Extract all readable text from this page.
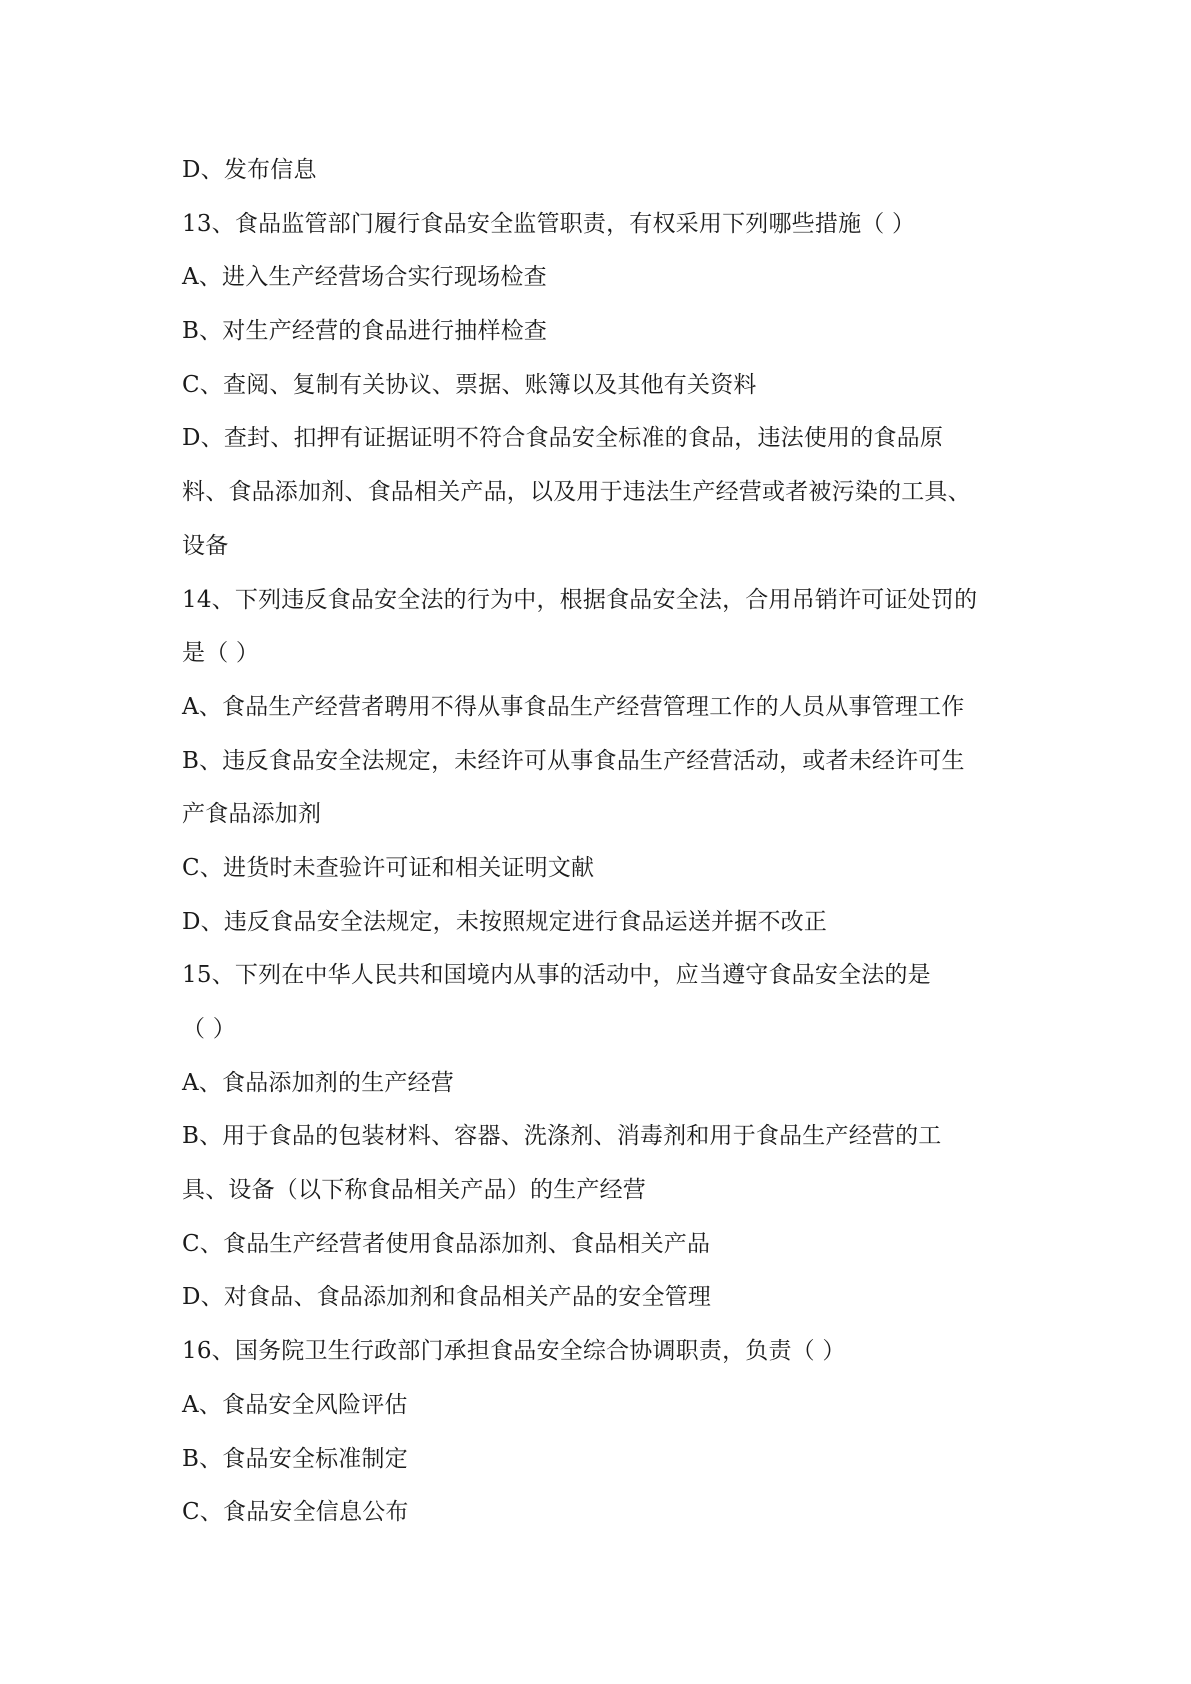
D、发布信息
13、食品监管部门履行食品安全监管职责，有权采用下列哪些措施（ ）
A、进入生产经营场合实行现场检查
B、对生产经营的食品进行抽样检查
C、查阅、复制有关协议、票据、账簿以及其他有关资料
D、查封、扣押有证据证明不符合食品安全标准的食品，违法使用的食品原
料、食品添加剂、食品相关产品，以及用于违法生产经营或者被污染的工具、
设备
14、下列违反食品安全法的行为中，根据食品安全法，合用吊销许可证处罚的
是（ ）
A、食品生产经营者聘用不得从事食品生产经营管理工作的人员从事管理工作
B、违反食品安全法规定，未经许可从事食品生产经营活动，或者未经许可生
产食品添加剂
C、进货时未查验许可证和相关证明文献
D、违反食品安全法规定，未按照规定进行食品运送并据不改正
15、下列在中华人民共和国境内从事的活动中，应当遵守食品安全法的是
（ ）
A、食品添加剂的生产经营
B、用于食品的包装材料、容器、洗涤剂、消毒剂和用于食品生产经营的工
具、设备（以下称食品相关产品）的生产经营
C、食品生产经营者使用食品添加剂、食品相关产品
D、对食品、食品添加剂和食品相关产品的安全管理
16、国务院卫生行政部门承担食品安全综合协调职责，负责（ ）
A、食品安全风险评估
B、食品安全标准制定
C、食品安全信息公布
